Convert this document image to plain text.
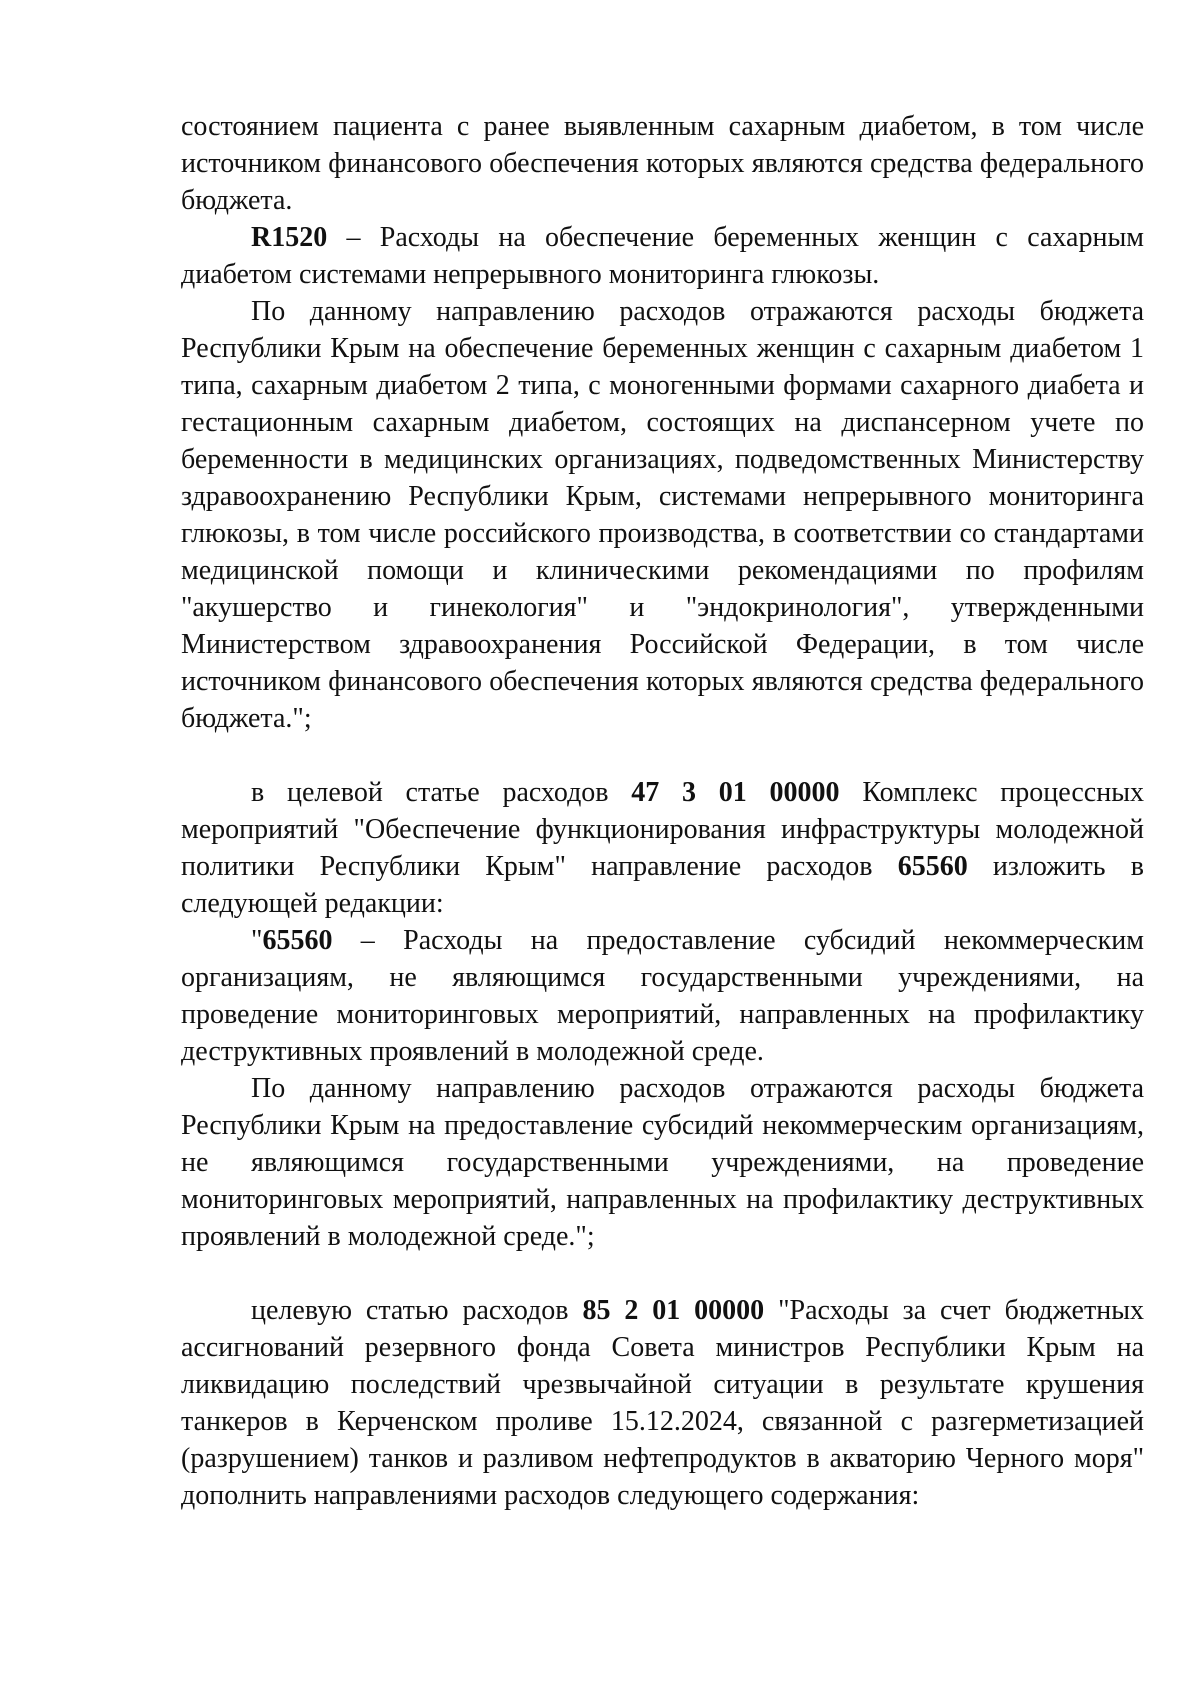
состоянием пациента с ранее выявленным сахарным диабетом, в том числе источником финансового обеспечения которых являются средства федерального бюджета.

R1520 – Расходы на обеспечение беременных женщин с сахарным диабетом системами непрерывного мониторинга глюкозы.

По данному направлению расходов отражаются расходы бюджета Республики Крым на обеспечение беременных женщин с сахарным диабетом 1 типа, сахарным диабетом 2 типа, с моногенными формами сахарного диабета и гестационным сахарным диабетом, состоящих на диспансерном учете по беременности в медицинских организациях, подведомственных Министерству здравоохранению Республики Крым, системами непрерывного мониторинга глюкозы, в том числе российского производства, в соответствии со стандартами медицинской помощи и клиническими рекомендациями по профилям "акушерство и гинекология" и "эндокринология", утвержденными Министерством здравоохранения Российской Федерации, в том числе источником финансового обеспечения которых являются средства федерального бюджета.";

в целевой статье расходов 47 3 01 00000 Комплекс процессных мероприятий "Обеспечение функционирования инфраструктуры молодежной политики Республики Крым" направление расходов 65560 изложить в следующей редакции:

"65560 – Расходы на предоставление субсидий некоммерческим организациям, не являющимся государственными учреждениями, на проведение мониторинговых мероприятий, направленных на профилактику деструктивных проявлений в молодежной среде.

По данному направлению расходов отражаются расходы бюджета Республики Крым на предоставление субсидий некоммерческим организациям, не являющимся государственными учреждениями, на проведение мониторинговых мероприятий, направленных на профилактику деструктивных проявлений в молодежной среде.";

целевую статью расходов 85 2 01 00000 "Расходы за счет бюджетных ассигнований резервного фонда Совета министров Республики Крым на ликвидацию последствий чрезвычайной ситуации в результате крушения танкеров в Керченском проливе 15.12.2024, связанной с разгерметизацией (разрушением) танков и разливом нефтепродуктов в акваторию Черного моря" дополнить направлениями расходов следующего содержания:
